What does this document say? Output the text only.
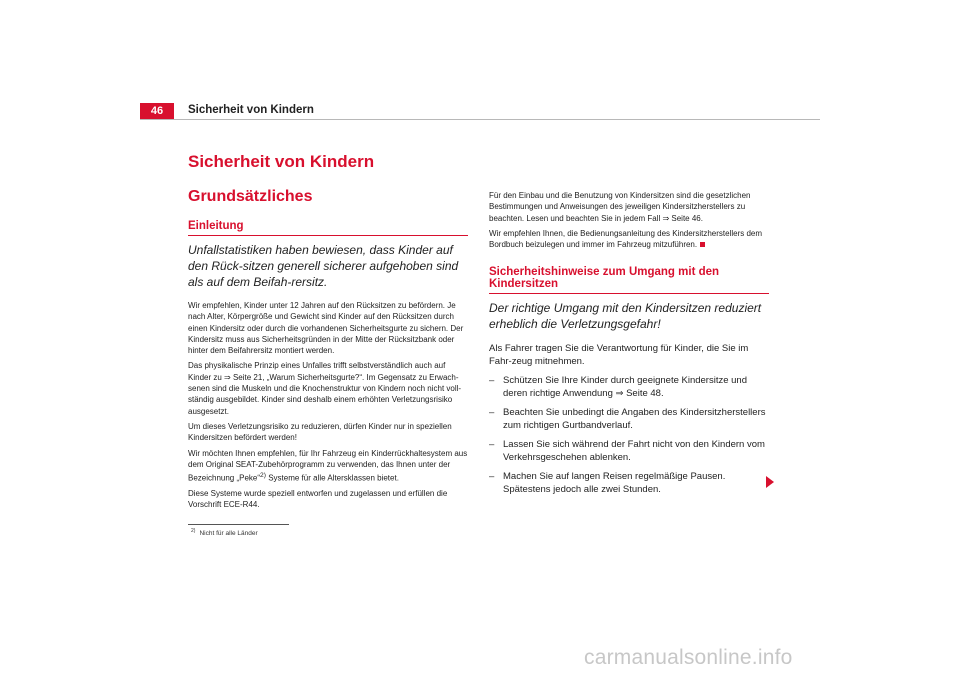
46	Sicherheit von Kindern
Sicherheit von Kindern
Grundsätzliches
Einleitung

Unfallstatistiken haben bewiesen, dass Kinder auf den Rück-sitzen generell sicherer aufgehoben sind als auf dem Beifah-rersitz.

Wir empfehlen, Kinder unter 12 Jahren auf den Rücksitzen zu befördern. Je nach Alter, Körpergröße und Gewicht sind Kinder auf den Rücksitzen durch einen Kindersitz oder durch die vorhandenen Sicherheitsgurte zu sichern. Der Kindersitz muss aus Sicherheitsgründen in der Mitte der Rücksitzbank oder hinter dem Beifahrersitz montiert werden.

Das physikalische Prinzip eines Unfalles trifft selbstverständlich auch auf Kinder zu ⇒ Seite 21, „Warum Sicherheitsgurte?“. Im Gegensatz zu Erwach-senen sind die Muskeln und die Knochenstruktur von Kindern noch nicht voll-ständig ausgebildet. Kinder sind deshalb einem erhöhten Verletzungsrisiko ausgesetzt.

Um dieses Verletzungsrisiko zu reduzieren, dürfen Kinder nur in speziellen Kindersitzen befördert werden!

Wir möchten Ihnen empfehlen, für Ihr Fahrzeug ein Kinderrückhaltesystem aus dem Original SEAT-Zubehörprogramm zu verwenden, das Ihnen unter der Bezeichnung „Peke“$^{2)}$ Systeme für alle Altersklassen bietet.

Diese Systeme wurde speziell entworfen und zugelassen und erfüllen die Vorschrift ECE-R44.

Für den Einbau und die Benutzung von Kindersitzen sind die gesetzlichen Bestimmungen und Anweisungen des jeweiligen Kindersitzherstellers zu beachten. Lesen und beachten Sie in jedem Fall ⇒ Seite 46.

Wir empfehlen Ihnen, die Bedienungsanleitung des Kindersitzherstellers dem Bordbuch beizulegen und immer im Fahrzeug mitzuführen.

Sicherheitshinweise zum Umgang mit den Kindersitzen

Der richtige Umgang mit den Kindersitzen reduziert erheblich die Verletzungsgefahr!

Als Fahrer tragen Sie die Verantwortung für Kinder, die Sie im Fahr-zeug mitnehmen.

– Schützen Sie Ihre Kinder durch geeignete Kindersitze und deren richtige Anwendung ⇒ Seite 48.
– Beachten Sie unbedingt die Angaben des Kindersitzherstellers zum richtigen Gurtbandverlauf.
– Lassen Sie sich während der Fahrt nicht von den Kindern vom Verkehrsgeschehen ablenken.
– Machen Sie auf langen Reisen regelmäßige Pausen. Spätestens jedoch alle zwei Stunden.
$^{2)}$ Nicht für alle Länder
carmanualsonline.info
